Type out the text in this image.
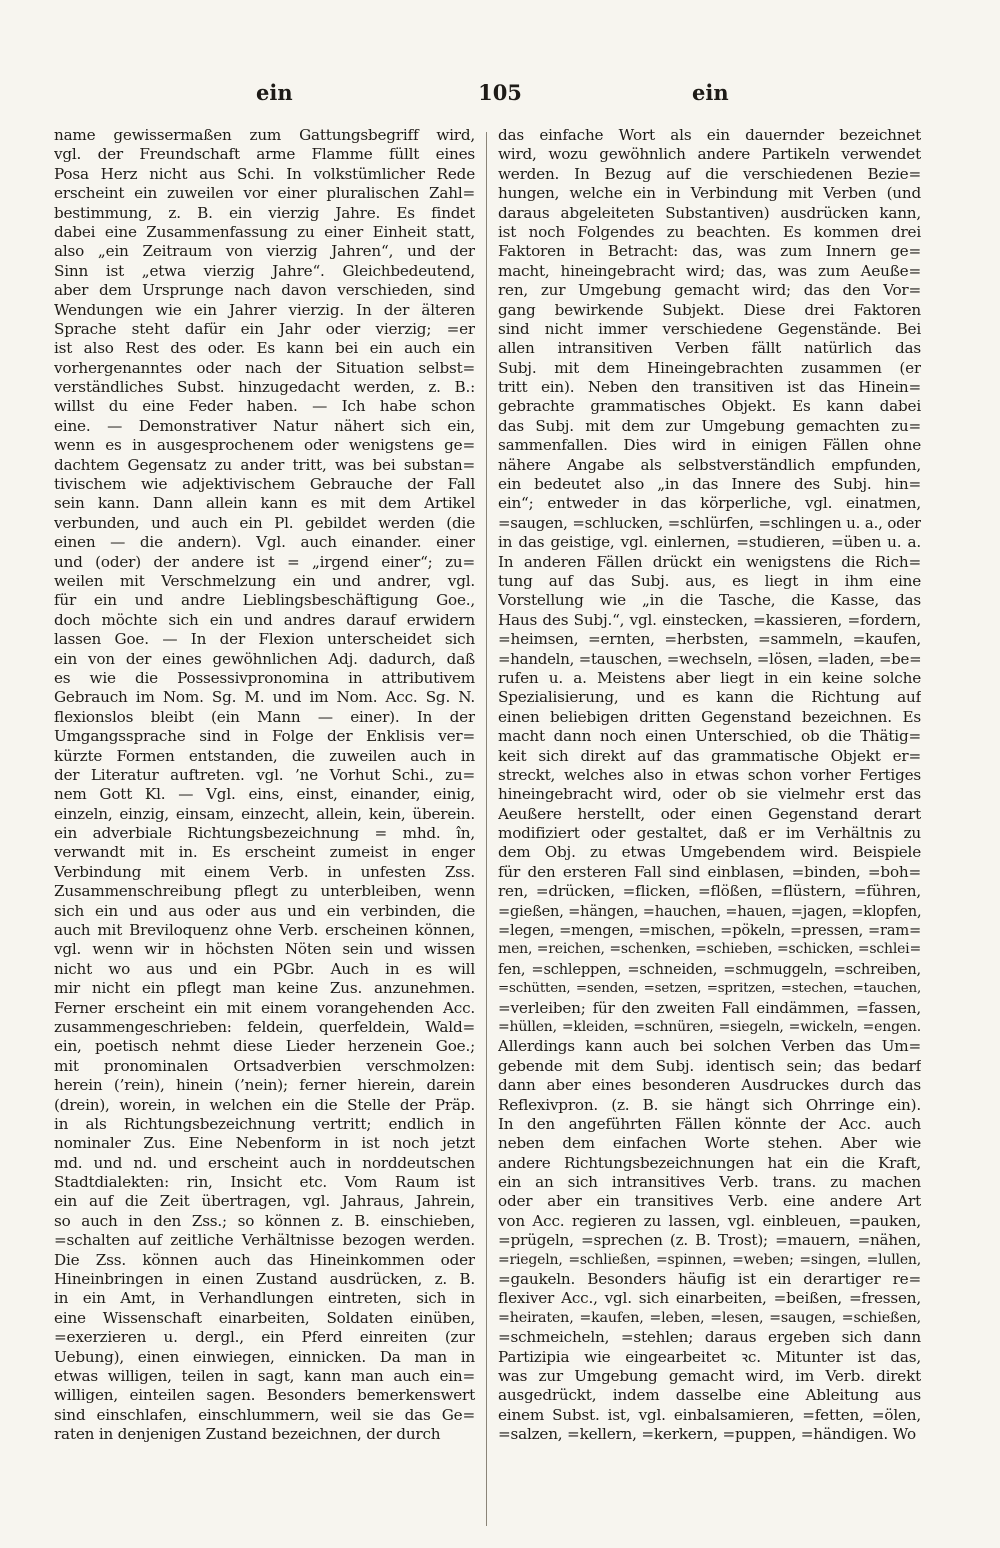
ein	105	ein
name gewissermaßen zum Gattungsbegriff wird,
vgl. der Freundschaft arme Flamme füllt eines
Posa Herz nicht aus Schi. In volkstümlicher Rede
erscheint ein zuweilen vor einer pluralischen Zahl=
bestimmung, z. B. ein vierzig Jahre. Es findet
dabei eine Zusammenfassung zu einer Einheit statt,
also „ein Zeitraum von vierzig Jahren“, und der
Sinn ist „etwa vierzig Jahre“. Gleichbedeutend,
aber dem Ursprunge nach davon verschieden, sind
Wendungen wie ein Jahrer vierzig. In der älteren
Sprache steht dafür ein Jahr oder vierzig; =er
ist also Rest des oder. Es kann bei ein auch ein
vorhergenanntes oder nach der Situation selbst=
verständliches Subst. hinzugedacht werden, z. B.:
willst du eine Feder haben. — Ich habe schon
eine. — Demonstrativer Natur nähert sich ein,
wenn es in ausgesprochenem oder wenigstens ge=
dachtem Gegensatz zu ander tritt, was bei substan=
tivischem wie adjektivischem Gebrauche der Fall
sein kann. Dann allein kann es mit dem Artikel
verbunden, und auch ein Pl. gebildet werden (die
einen — die andern). Vgl. auch einander. einer
und (oder) der andere ist = „irgend einer“; zu=
weilen mit Verschmelzung ein und andrer, vgl.
für ein und andre Lieblingsbeschäftigung Goe.,
doch möchte sich ein und andres darauf erwidern
lassen Goe. — In der Flexion unterscheidet sich
ein von der eines gewöhnlichen Adj. dadurch, daß
es wie die Possessivpronomina in attributivem
Gebrauch im Nom. Sg. M. und im Nom. Acc. Sg. N.
flexionslos bleibt (ein Mann — einer). In der
Umgangssprache sind in Folge der Enklisis ver=
kürzte Formen entstanden, die zuweilen auch in
der Literatur auftreten. vgl. ’ne Vorhut Schi., zu=
nem Gott Kl. — Vgl. eins, einst, einander, einig,
einzeln, einzig, einsam, einzecht, allein, kein, überein.
ein adverbiale Richtungsbezeichnung = mhd. în,
verwandt mit in. Es erscheint zumeist in enger
Verbindung mit einem Verb. in unfesten Zss.
Zusammenschreibung pflegt zu unterbleiben, wenn
sich ein und aus oder aus und ein verbinden, die
auch mit Breviloquenz ohne Verb. erscheinen können,
vgl. wenn wir in höchsten Nöten sein und wissen
nicht wo aus und ein PGbr. Auch in es will
mir nicht ein pflegt man keine Zus. anzunehmen.
Ferner erscheint ein mit einem vorangehenden Acc.
zusammengeschrieben: feldein, querfeldein, Wald=
ein, poetisch nehmt diese Lieder herzenein Goe.;
mit pronominalen Ortsadverbien verschmolzen:
herein (’rein), hinein (’nein); ferner hierein, darein
(drein), worein, in welchen ein die Stelle der Präp.
in als Richtungsbezeichnung vertritt; endlich in
nominaler Zus. Eine Nebenform in ist noch jetzt
md. und nd. und erscheint auch in norddeutschen
Stadtdialekten: rin, Insicht etc. Vom Raum ist
ein auf die Zeit übertragen, vgl. Jahraus, Jahrein,
so auch in den Zss.; so können z. B. einschieben,
=schalten auf zeitliche Verhältnisse bezogen werden.
Die Zss. können auch das Hineinkommen oder
Hineinbringen in einen Zustand ausdrücken, z. B.
in ein Amt, in Verhandlungen eintreten, sich in
eine Wissenschaft einarbeiten, Soldaten einüben,
=exerzieren u. dergl., ein Pferd einreiten (zur
Uebung), einen einwiegen, einnicken. Da man in
etwas willigen, teilen in sagt, kann man auch ein=
willigen, einteilen sagen. Besonders bemerkenswert
sind einschlafen, einschlummern, weil sie das Ge=
raten in denjenigen Zustand bezeichnen, der durch
das einfache Wort als ein dauernder bezeichnet
wird, wozu gewöhnlich andere Partikeln verwendet
werden. In Bezug auf die verschiedenen Bezie=
hungen, welche ein in Verbindung mit Verben (und
daraus abgeleiteten Substantiven) ausdrücken kann,
ist noch Folgendes zu beachten. Es kommen drei
Faktoren in Betracht: das, was zum Innern ge=
macht, hineingebracht wird; das, was zum Aeuße=
ren, zur Umgebung gemacht wird; das den Vor=
gang bewirkende Subjekt. Diese drei Faktoren
sind nicht immer verschiedene Gegenstände. Bei
allen intransitiven Verben fällt natürlich das
Subj. mit dem Hineingebrachten zusammen (er
tritt ein). Neben den transitiven ist das Hinein=
gebrachte grammatisches Objekt. Es kann dabei
das Subj. mit dem zur Umgebung gemachten zu=
sammenfallen. Dies wird in einigen Fällen ohne
nähere Angabe als selbstverständlich empfunden,
ein bedeutet also „in das Innere des Subj. hin=
ein“; entweder in das körperliche, vgl. einatmen,
=saugen, =schlucken, =schlürfen, =schlingen u. a., oder
in das geistige, vgl. einlernen, =studieren, =üben u. a.
In anderen Fällen drückt ein wenigstens die Rich=
tung auf das Subj. aus, es liegt in ihm eine
Vorstellung wie „in die Tasche, die Kasse, das
Haus des Subj.“, vgl. einstecken, =kassieren, =fordern,
=heimsen, =ernten, =herbsten, =sammeln, =kaufen,
=handeln, =tauschen, =wechseln, =lösen, =laden, =be=
rufen u. a. Meistens aber liegt in ein keine solche
Spezialisierung, und es kann die Richtung auf
einen beliebigen dritten Gegenstand bezeichnen. Es
macht dann noch einen Unterschied, ob die Thätig=
keit sich direkt auf das grammatische Objekt er=
streckt, welches also in etwas schon vorher Fertiges
hineingebracht wird, oder ob sie vielmehr erst das
Aeußere herstellt, oder einen Gegenstand derart
modifiziert oder gestaltet, daß er im Verhältnis zu
dem Obj. zu etwas Umgebendem wird. Beispiele
für den ersteren Fall sind einblasen, =binden, =boh=
ren, =drücken, =flicken, =flößen, =flüstern, =führen,
=gießen, =hängen, =hauchen, =hauen, =jagen, =klopfen,
=legen, =mengen, =mischen, =pökeln, =pressen, =ram=
men, =reichen, =schenken, =schieben, =schicken, =schlei=
fen, =schleppen, =schneiden, =schmuggeln, =schreiben,
=schütten, =senden, =setzen, =spritzen, =stechen, =tauchen,
=verleiben; für den zweiten Fall eindämmen, =fassen,
=hüllen, =kleiden, =schnüren, =siegeln, =wickeln, =engen.
Allerdings kann auch bei solchen Verben das Um=
gebende mit dem Subj. identisch sein; das bedarf
dann aber eines besonderen Ausdruckes durch das
Reflexivpron. (z. B. sie hängt sich Ohrringe ein).
In den angeführten Fällen könnte der Acc. auch
neben dem einfachen Worte stehen. Aber wie
andere Richtungsbezeichnungen hat ein die Kraft,
ein an sich intransitives Verb. trans. zu machen
oder aber ein transitives Verb. eine andere Art
von Acc. regieren zu lassen, vgl. einbleuen, =pauken,
=prügeln, =sprechen (z. B. Trost); =mauern, =nähen,
=riegeln, =schließen, =spinnen, =weben; =singen, =lullen,
=gaukeln. Besonders häufig ist ein derartiger re=
flexiver Acc., vgl. sich einarbeiten, =beißen, =fressen,
=heiraten, =kaufen, =leben, =lesen, =saugen, =schießen,
=schmeicheln, =stehlen; daraus ergeben sich dann
Partizipia wie eingearbeitet ꝛc. Mitunter ist das,
was zur Umgebung gemacht wird, im Verb. direkt
ausgedrückt, indem dasselbe eine Ableitung aus
einem Subst. ist, vgl. einbalsamieren, =fetten, =ölen,
=salzen, =kellern, =kerkern, =puppen, =händigen. Wo
